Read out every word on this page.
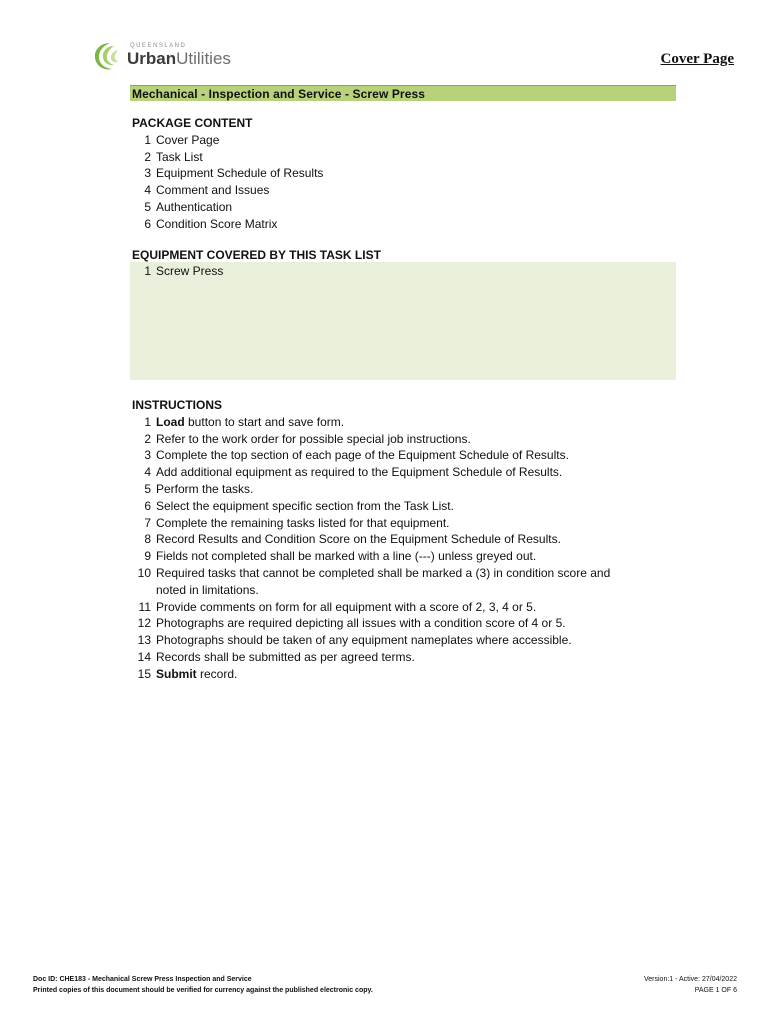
QUEENSLAND
UrbanUtilities	Cover Page
Mechanical - Inspection and Service - Screw Press
PACKAGE CONTENT
1 Cover Page
2 Task List
3 Equipment Schedule of Results
4 Comment and Issues
5 Authentication
6 Condition Score Matrix
EQUIPMENT COVERED BY THIS TASK LIST
1 Screw Press
INSTRUCTIONS
1 Load button to start and save form.
2 Refer to the work order for possible special job instructions.
3 Complete the top section of each page of the Equipment Schedule of Results.
4 Add additional equipment as required to the Equipment Schedule of Results.
5 Perform the tasks.
6 Select the equipment specific section from the Task List.
7 Complete the remaining tasks listed for that equipment.
8 Record Results and Condition Score on the Equipment Schedule of Results.
9 Fields not completed shall be marked with a line (---) unless greyed out.
10 Required tasks that cannot be completed shall be marked a (3) in condition score and
noted in limitations.
11 Provide comments on form for all equipment with a score of 2, 3, 4 or 5.
12 Photographs are required depicting all issues with a condition score of 4 or 5.
13 Photographs should be taken of any equipment nameplates where accessible.
14 Records shall be submitted as per agreed terms.
15 Submit record.
Doc ID: CHE183 - Mechanical Screw Press Inspection and Service
Printed copies of this document should be verified for currency against the published electronic copy.
Version:1 - Active: 27/04/2022
PAGE 1 OF 6
